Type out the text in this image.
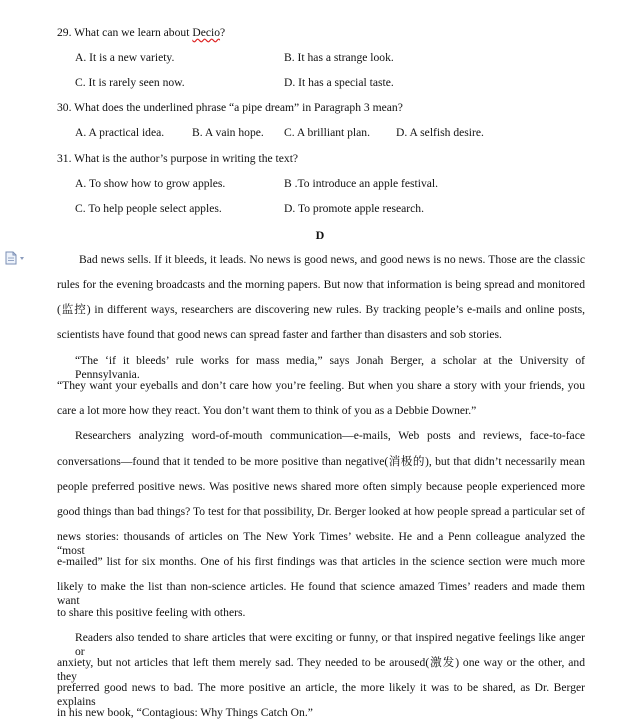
29. What can we learn about Decio?
A. It is a new variety.	B. It has a strange look.
C. It is rarely seen now.	D. It has a special taste.
30. What does the underlined phrase “a pipe dream” in Paragraph 3 mean?
A. A practical idea. B. A vain hope. C. A brilliant plan. D. A selfish desire.
31. What is the author’s purpose in writing the text?
A. To show how to grow apples.	B .To introduce an apple festival.
C. To help people select apples.	D. To promote apple research.
D
Bad news sells. If it bleeds, it leads. No news is good news, and good news is no news. Those are the classic
rules for the evening broadcasts and the morning papers. But now that information is being spread and monitored
(监控) in different ways, researchers are discovering new rules. By tracking people’s e-mails and online posts,
scientists have found that good news can spread faster and farther than disasters and sob stories.
“The ‘if it bleeds’ rule works for mass media,” says Jonah Berger, a scholar at the University of Pennsylvania.
“They want your eyeballs and don’t care how you’re feeling. But when you share a story with your friends, you
care a lot more how they react. You don’t want them to think of you as a Debbie Downer.”
Researchers analyzing word-of-mouth communication—e-mails, Web posts and reviews, face-to-face
conversations—found that it tended to be more positive than negative(消极的), but that didn’t necessarily mean
people preferred positive news. Was positive news shared more often simply because people experienced more
good things than bad things? To test for that possibility, Dr. Berger looked at how people spread a particular set of
news stories: thousands of articles on The New York Times’ website. He and a Penn colleague analyzed the “most
e-mailed” list for six months. One of his first findings was that articles in the science section were much more
likely to make the list than non-science articles. He found that science amazed Times’ readers and made them want
to share this positive feeling with others.
Readers also tended to share articles that were exciting or funny, or that inspired negative feelings like anger or
anxiety, but not articles that left them merely sad. They needed to be aroused(激发) one way or the other, and they
preferred good news to bad. The more positive an article, the more likely it was to be shared, as Dr. Berger explains
in his new book, “Contagious: Why Things Catch On.”
